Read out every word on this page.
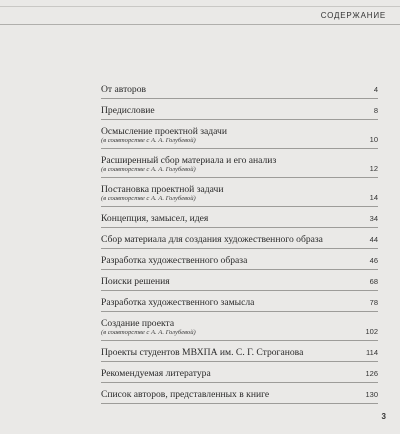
СОДЕРЖАНИЕ
От авторов	4
Предисловие	8
Осмысление проектной задачи
(в соавторстве с А. А. Голубевой)	10
Расширенный сбор материала и его анализ
(в соавторстве с А. А. Голубевой)	12
Постановка проектной задачи
(в соавторстве с А. А. Голубевой)	14
Концепция, замысел, идея	34
Сбор материала для создания художественного образа	44
Разработка художественного образа	46
Поиски решения	68
Разработка художественного замысла	78
Создание проекта
(в соавторстве с А. А. Голубевой)	102
Проекты студентов МВХПА им. С. Г. Строганова	114
Рекомендуемая литература	126
Список авторов, представленных в книге	130
3
